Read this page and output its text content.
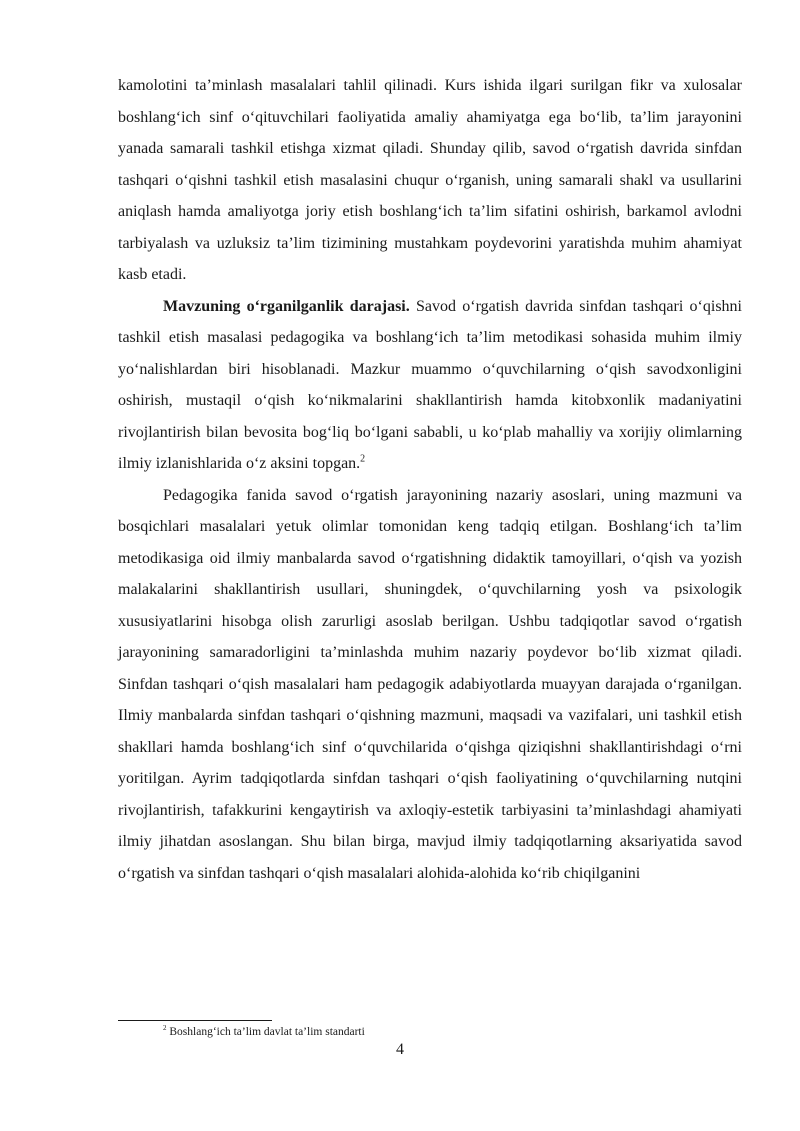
kamolotini ta’minlash masalalari tahlil qilinadi. Kurs ishida ilgari surilgan fikr va xulosalar boshlang‘ich sinf o‘qituvchilari faoliyatida amaliy ahamiyatga ega bo‘lib, ta’lim jarayonini yanada samarali tashkil etishga xizmat qiladi. Shunday qilib, savod o‘rgatish davrida sinfdan tashqari o‘qishni tashkil etish masalasini chuqur o‘rganish, uning samarali shakl va usullarini aniqlash hamda amaliyotga joriy etish boshlang‘ich ta’lim sifatini oshirish, barkamol avlodni tarbiyalash va uzluksiz ta’lim tizimining mustahkam poydevorini yaratishda muhim ahamiyat kasb etadi.

Mavzuning o‘rganilganlik darajasi. Savod o‘rgatish davrida sinfdan tashqari o‘qishni tashkil etish masalasi pedagogika va boshlang‘ich ta’lim metodikasi sohasida muhim ilmiy yo‘nalishlardan biri hisoblanadi. Mazkur muammo o‘quvchilarning o‘qish savodxonligini oshirish, mustaqil o‘qish ko‘nikmalarini shakllantirish hamda kitobxonlik madaniyatini rivojlantirish bilan bevosita bog‘liq bo‘lgani sababli, u ko‘plab mahalliy va xorijiy olimlarning ilmiy izlanishlarida o‘z aksini topgan.$^2$

Pedagogika fanida savod o‘rgatish jarayonining nazariy asoslari, uning mazmuni va bosqichlari masalalari yetuk olimlar tomonidan keng tadqiq etilgan. Boshlang‘ich ta’lim metodikasiga oid ilmiy manbalarda savod o‘rgatishning didaktik tamoyillari, o‘qish va yozish malakalarini shakllantirish usullari, shuningdek, o‘quvchilarning yosh va psixologik xususiyatlarini hisobga olish zarurligi asoslab berilgan. Ushbu tadqiqotlar savod o‘rgatish jarayonining samaradorligini ta’minlashda muhim nazariy poydevor bo‘lib xizmat qiladi. Sinfdan tashqari o‘qish masalalari ham pedagogik adabiyotlarda muayyan darajada o‘rganilgan. Ilmiy manbalarda sinfdan tashqari o‘qishning mazmuni, maqsadi va vazifalari, uni tashkil etish shakllari hamda boshlang‘ich sinf o‘quvchilarida o‘qishga qiziqishni shakllantirishdagi o‘rni yoritilgan. Ayrim tadqiqotlarda sinfdan tashqari o‘qish faoliyatining o‘quvchilarning nutqini rivojlantirish, tafakkurini kengaytirish va axloqiy-estetik tarbiyasini ta’minlashdagi ahamiyati ilmiy jihatdan asoslangan. Shu bilan birga, mavjud ilmiy tadqiqotlarning aksariyatida savod o‘rgatish va sinfdan tashqari o‘qish masalalari alohida-alohida ko‘rib chiqilganini

$^2$ Boshlang‘ich ta’lim davlat ta’lim standarti

4
